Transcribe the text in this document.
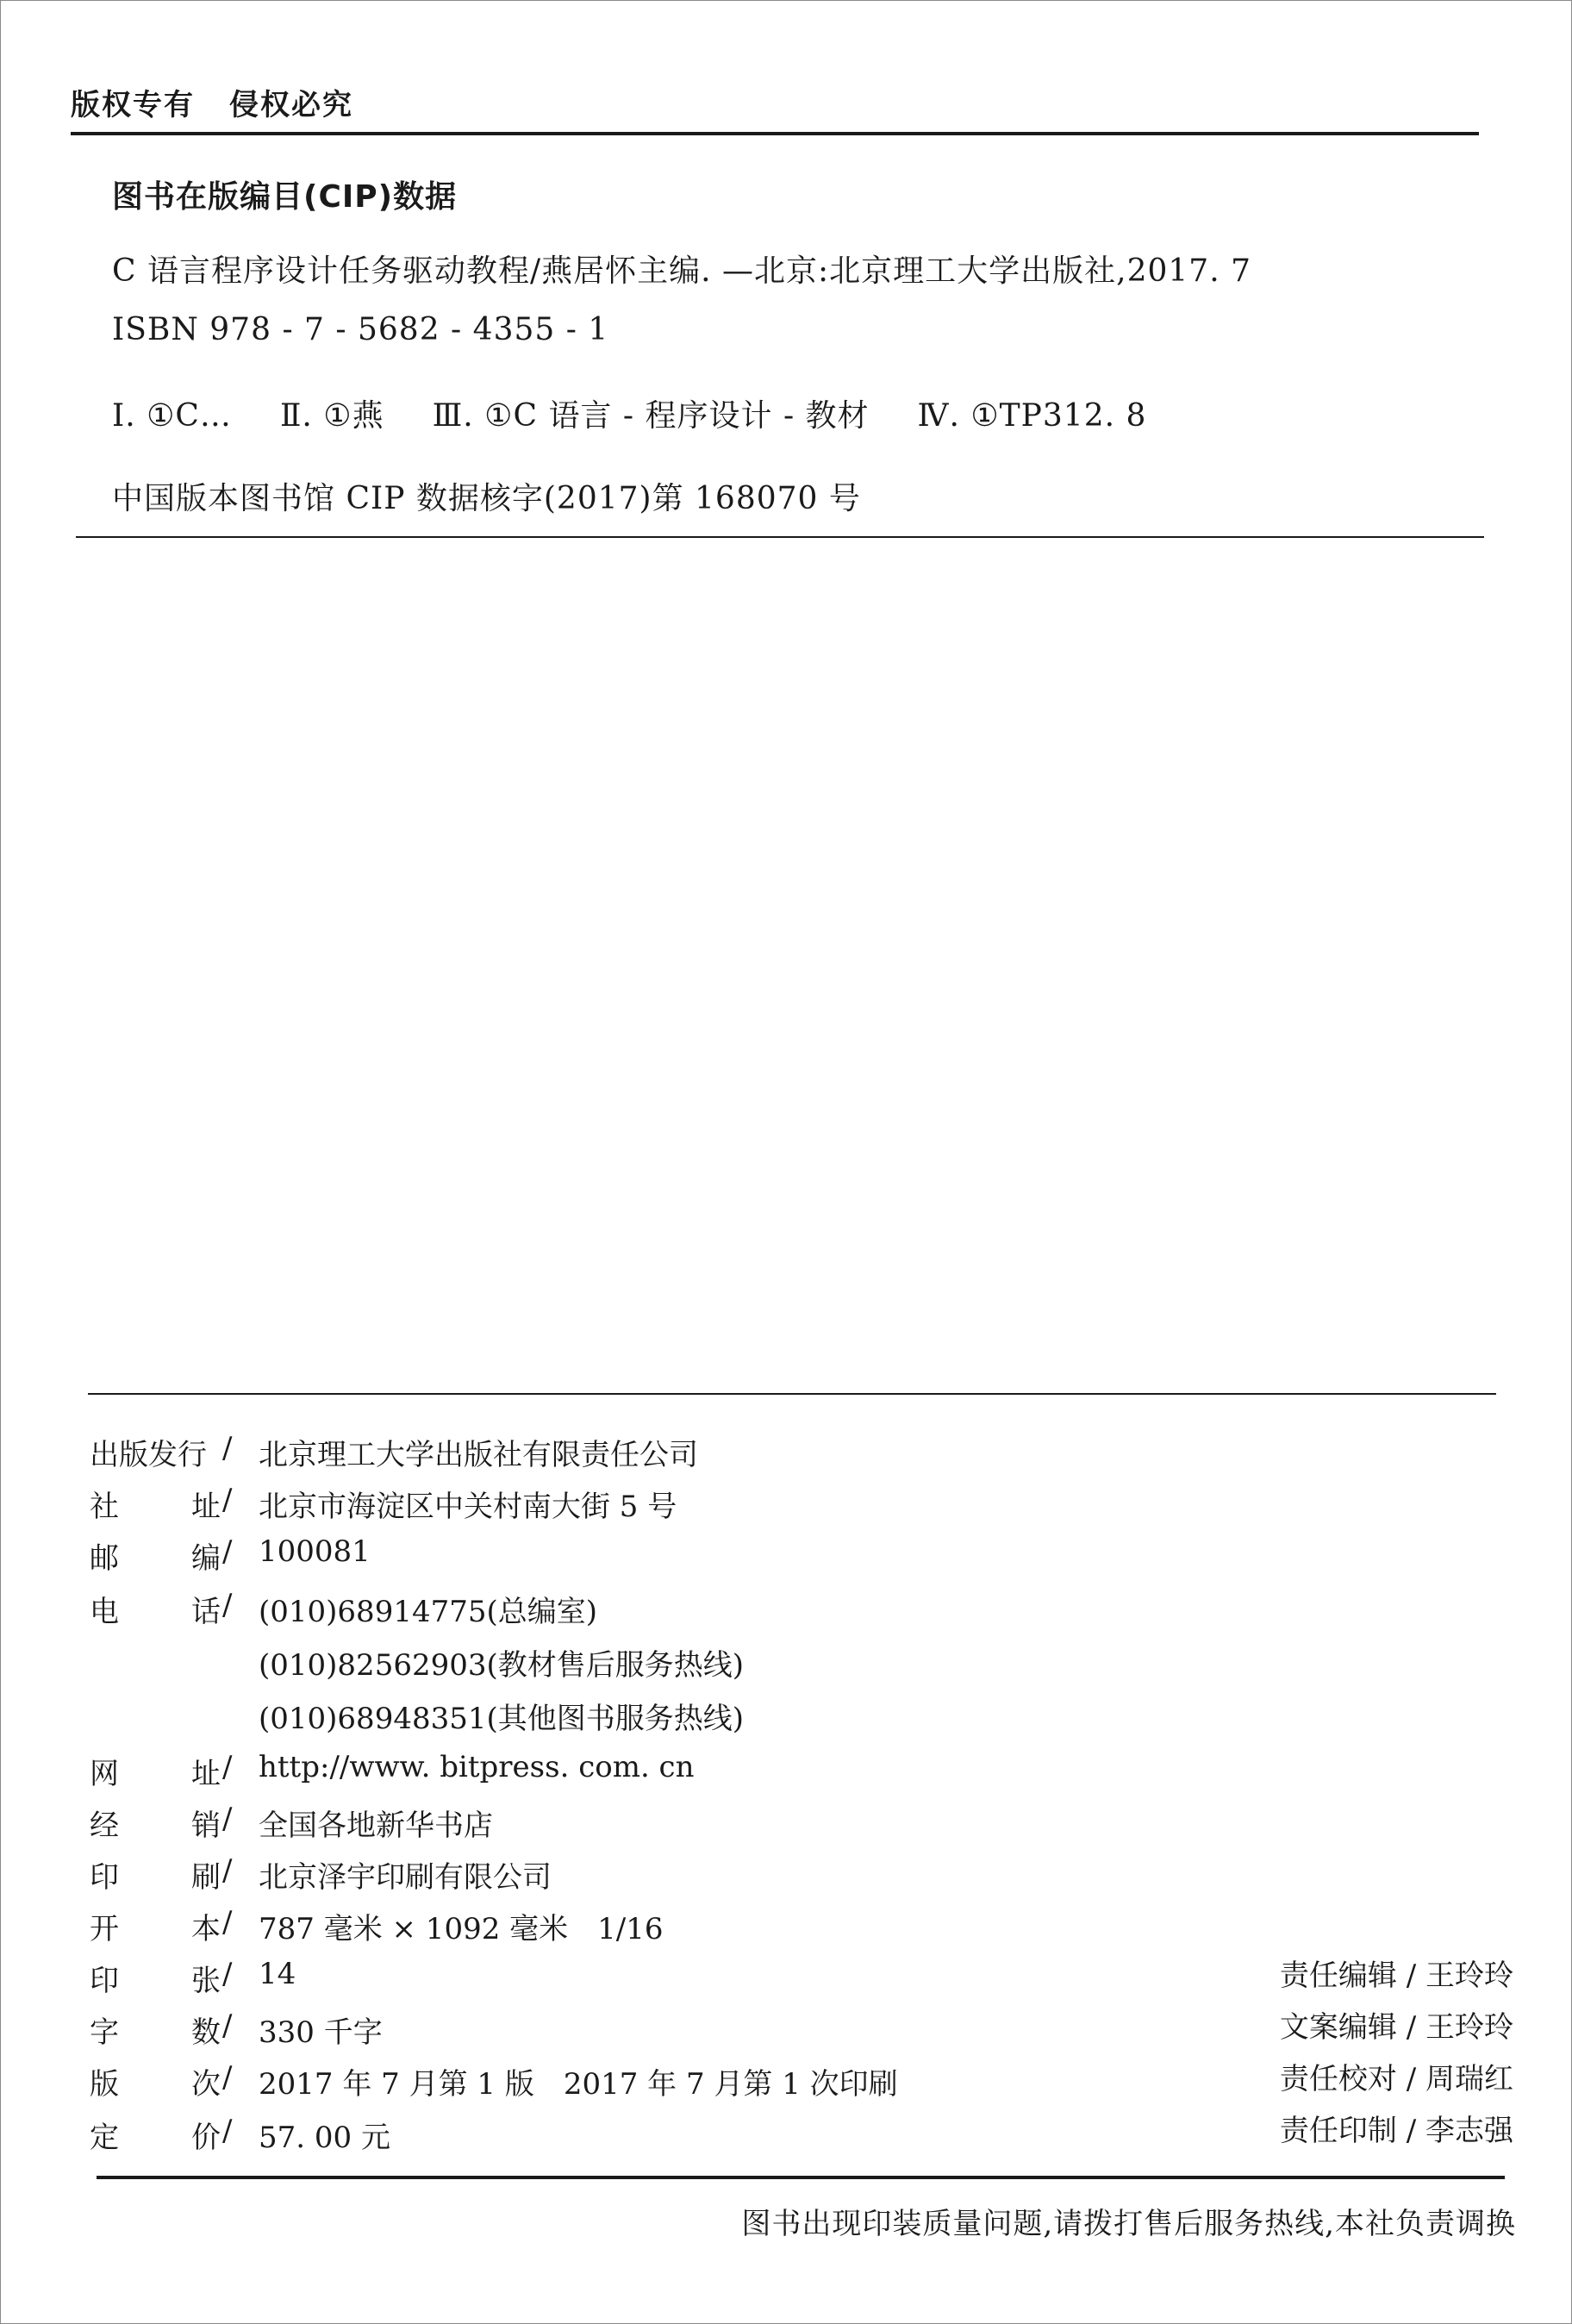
版权专有 侵权必究
图书在版编目(CIP)数据
C 语言程序设计任务驱动教程/燕居怀主编. —北京:北京理工大学出版社,2017. 7
ISBN 978 - 7 - 5682 - 4355 - 1
Ⅰ. ①C… Ⅱ. ①燕 Ⅲ. ①C 语言 - 程序设计 - 教材 Ⅳ. ①TP312. 8
中国版本图书馆 CIP 数据核字(2017)第 168070 号
出版发行 / 北京理工大学出版社有限责任公司
社 址 / 北京市海淀区中关村南大街 5 号
邮 编 / 100081
电 话 / (010)68914775(总编室)
(010)82562903(教材售后服务热线)
(010)68948351(其他图书服务热线)
网 址 / http://www. bitpress. com. cn
经 销 / 全国各地新华书店
印 刷 / 北京泽宇印刷有限公司
开 本 / 787 毫米 × 1092 毫米　1/16
印 张 / 14
字 数 / 330 千字
版 次 / 2017 年 7 月第 1 版　2017 年 7 月第 1 次印刷
定 价 / 57. 00 元
责任编辑 / 王玲玲
文案编辑 / 王玲玲
责任校对 / 周瑞红
责任印制 / 李志强
图书出现印装质量问题,请拨打售后服务热线,本社负责调换
